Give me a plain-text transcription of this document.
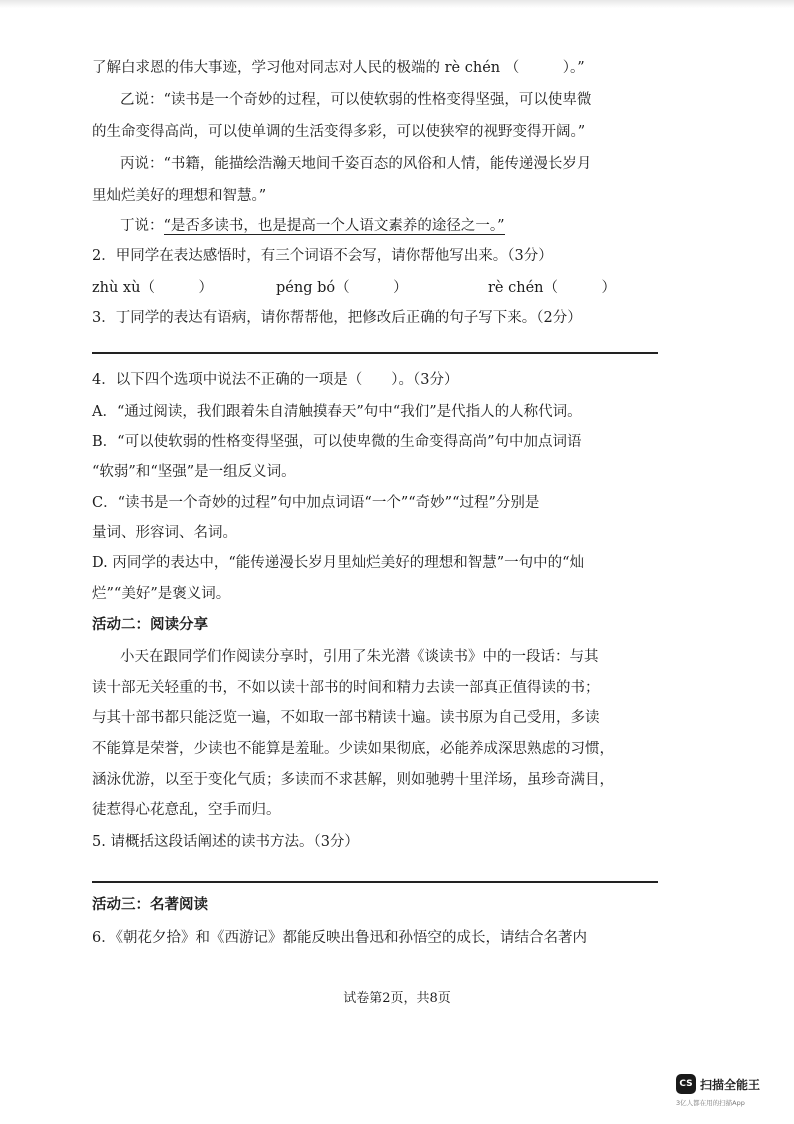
了解白求恩的伟大事迹，学习他对同志对人民的极端的 rè chén （　　　）。”
乙说：“读书是一个奇妙的过程，可以使软弱的性格变得坚强，可以使卑微
的生命变得高尚，可以使单调的生活变得多彩，可以使狭窄的视野变得开阔。”
丙说：“书籍，能描绘浩瀚天地间千姿百态的风俗和人情，能传递漫长岁月
里灿烂美好的理想和智慧。”
丁说：“是否多读书，也是提高一个人语文素养的途径之一。”
2．甲同学在表达感悟时，有三个词语不会写，请你帮他写出来。（3分）
zhù xù（　　　）	péng bó（　　　）	rè chén（　　　）
3．丁同学的表达有语病，请你帮帮他，把修改后正确的句子写下来。（2分）
4．以下四个选项中说法不正确的一项是（　　）。（3分）
A．“通过阅读，我们跟着朱自清触摸春天”句中“我们”是代指人的人称代词。
B．“可以使软弱的性格变得坚强，可以使卑微的生命变得高尚”句中加点词语
“软弱”和“坚强”是一组反义词。
C．“读书是一个奇妙的过程”句中加点词语“一个”“奇妙”“过程”分别是
量词、形容词、名词。
D. 丙同学的表达中，“能传递漫长岁月里灿烂美好的理想和智慧”一句中的“灿
烂”“美好”是褒义词。
活动二：阅读分享
小天在跟同学们作阅读分享时，引用了朱光潜《谈读书》中的一段话：与其
读十部无关轻重的书，不如以读十部书的时间和精力去读一部真正值得读的书；
与其十部书都只能泛览一遍，不如取一部书精读十遍。读书原为自己受用，多读
不能算是荣誉，少读也不能算是羞耻。少读如果彻底，必能养成深思熟虑的习惯，
涵泳优游，以至于变化气质；多读而不求甚解，则如驰骋十里洋场，虽珍奇满目，
徒惹得心花意乱，空手而归。
5. 请概括这段话阐述的读书方法。（3分）
活动三：名著阅读
6．《朝花夕拾》和《西游记》都能反映出鲁迅和孙悟空的成长，请结合名著内
试卷第2页，共8页
CS 扫描全能王
3亿人都在用的扫描App
